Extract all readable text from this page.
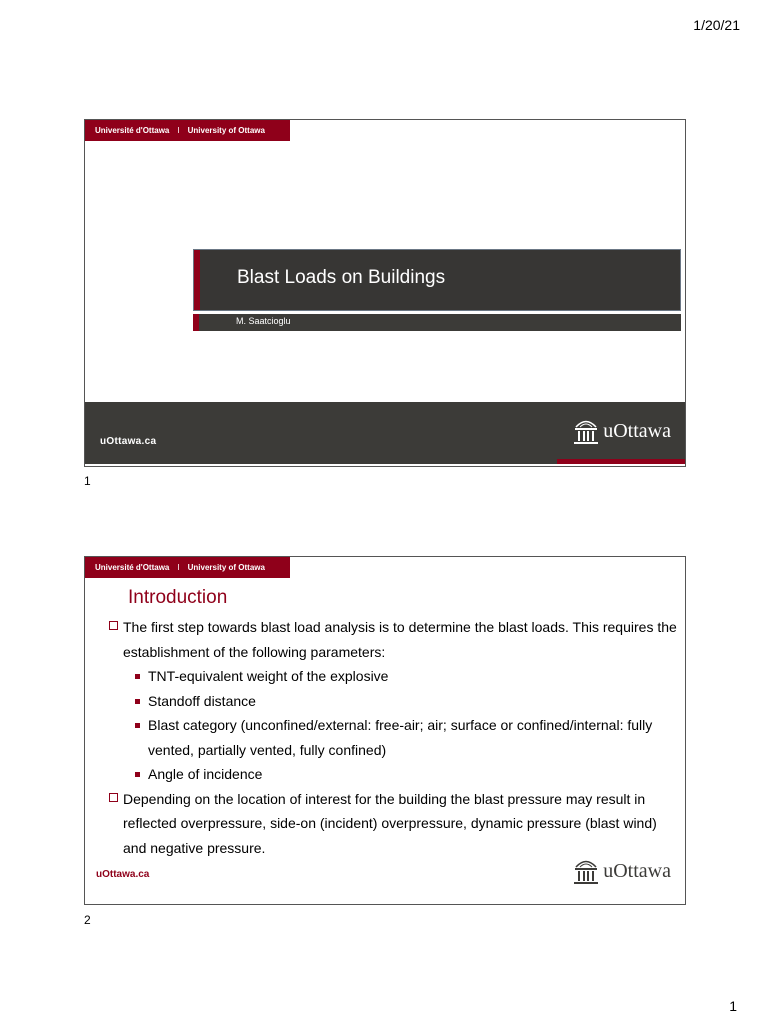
1/20/21
Université d'Ottawa I University of Ottawa
Blast Loads on Buildings
M. Saatcioglu
uOttawa.ca	uOttawa
1
Université d'Ottawa I University of Ottawa
Introduction
The first step towards blast load analysis is to determine the blast loads. This requires the establishment of the following parameters:
TNT-equivalent weight of the explosive
Standoff distance
Blast category (unconfined/external: free-air; air; surface or confined/internal: fully vented, partially vented, fully confined)
Angle of incidence
Depending on the location of interest for the building the blast pressure may result in reflected overpressure, side-on (incident) overpressure, dynamic pressure (blast wind) and negative pressure.
uOttawa.ca	uOttawa
2
1
